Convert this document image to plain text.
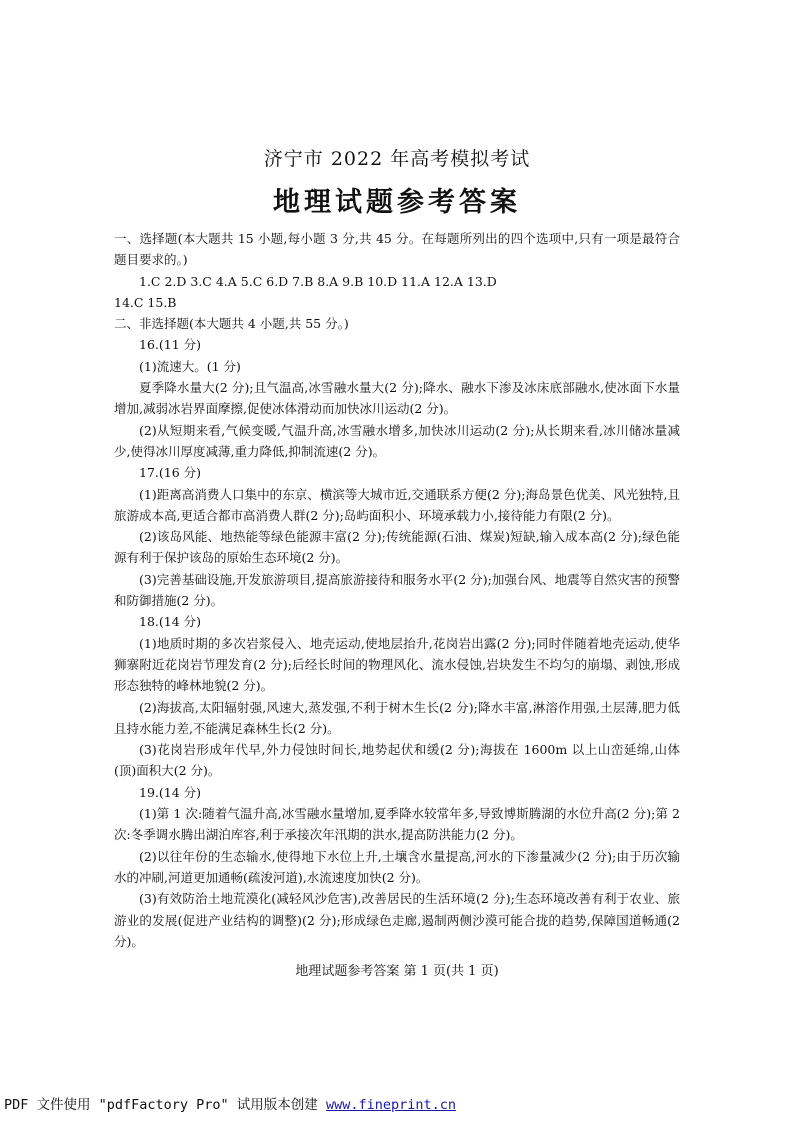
济宁市 2022 年高考模拟考试
地理试题参考答案

一、选择题(本大题共 15 小题,每小题 3 分,共 45 分。在每题所列出的四个选项中,只有一项是最符合题目要求的。)

1.C 2.D 3.C 4.A 5.C 6.D 7.B 8.A 9.B 10.D 11.A 12.A 13.D

14.C 15.B

二、非选择题(本大题共 4 小题,共 55 分。)

16.(11 分)

(1)流速大。(1 分)

夏季降水量大(2 分);且气温高,冰雪融水量大(2 分);降水、融水下渗及冰床底部融水,使冰面下水量增加,减弱冰岩界面摩擦,促使冰体滑动而加快冰川运动(2 分)。

(2)从短期来看,气候变暖,气温升高,冰雪融水增多,加快冰川运动(2 分);从长期来看,冰川储冰量减少,使得冰川厚度减薄,重力降低,抑制流速(2 分)。

17.(16 分)

(1)距离高消费人口集中的东京、横滨等大城市近,交通联系方便(2 分);海岛景色优美、风光独特,且旅游成本高,更适合都市高消费人群(2 分);岛屿面积小、环境承载力小,接待能力有限(2 分)。

(2)该岛风能、地热能等绿色能源丰富(2 分);传统能源(石油、煤炭)短缺,输入成本高(2 分);绿色能源有利于保护该岛的原始生态环境(2 分)。

(3)完善基础设施,开发旅游项目,提高旅游接待和服务水平(2 分);加强台风、地震等自然灾害的预警和防御措施(2 分)。

18.(14 分)

(1)地质时期的多次岩浆侵入、地壳运动,使地层抬升,花岗岩出露(2 分);同时伴随着地壳运动,使华狮寨附近花岗岩节理发育(2 分);后经长时间的物理风化、流水侵蚀,岩块发生不均匀的崩塌、剥蚀,形成形态独特的峰林地貌(2 分)。

(2)海拔高,太阳辐射强,风速大,蒸发强,不利于树木生长(2 分);降水丰富,淋溶作用强,土层薄,肥力低且持水能力差,不能满足森林生长(2 分)。

(3)花岗岩形成年代早,外力侵蚀时间长,地势起伏和缓(2 分);海拔在 1600m 以上山峦延绵,山体(顶)面积大(2 分)。

19.(14 分)

(1)第 1 次:随着气温升高,冰雪融水量增加,夏季降水较常年多,导致博斯腾湖的水位升高(2 分);第 2 次:冬季调水腾出湖泊库容,利于承接次年汛期的洪水,提高防洪能力(2 分)。

(2)以往年份的生态输水,使得地下水位上升,土壤含水量提高,河水的下渗量减少(2 分);由于历次输水的冲刷,河道更加通畅(疏浚河道),水流速度加快(2 分)。

(3)有效防治土地荒漠化(减轻风沙危害),改善居民的生活环境(2 分);生态环境改善有利于农业、旅游业的发展(促进产业结构的调整)(2 分);形成绿色走廊,遏制两侧沙漠可能合拢的趋势,保障国道畅通(2 分)。

地理试题参考答案 第 1 页(共 1 页)
PDF 文件使用 "pdfFactory Pro" 试用版本创建 www.fineprint.cn
